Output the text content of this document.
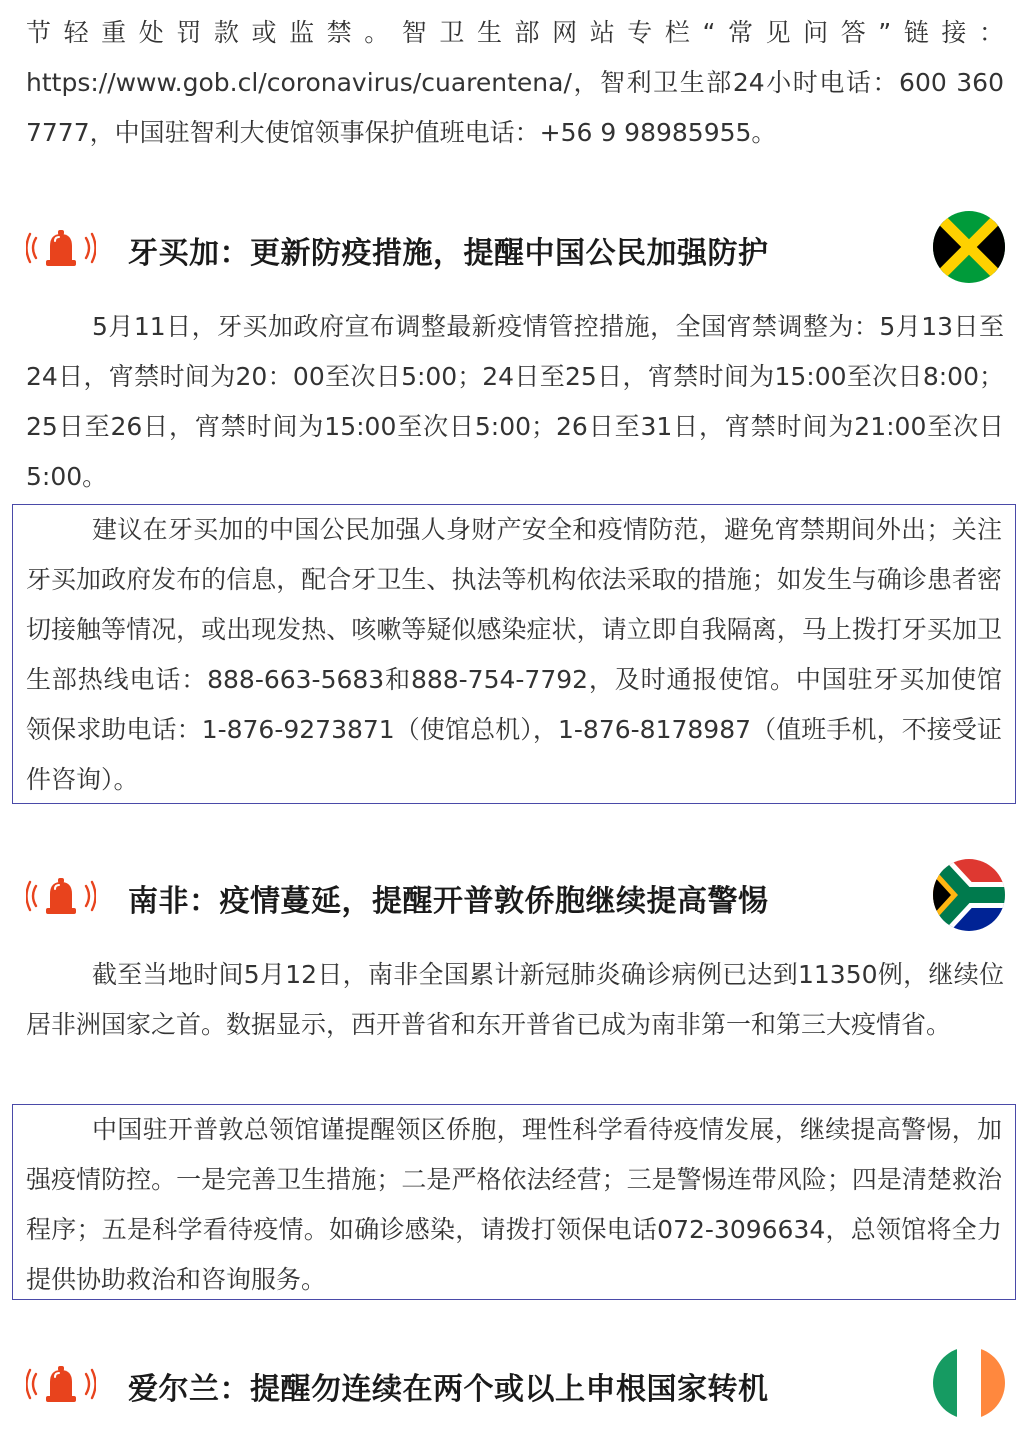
节轻重处罚款或监禁。智卫生部网站专栏“常见问答”链接：https://www.gob.cl/coronavirus/cuarentena/，智利卫生部24小时电话：600 360 7777，中国驻智利大使馆领事保护值班电话：+56 9 98985955。

牙买加：更新防疫措施，提醒中国公民加强防护

5月11日，牙买加政府宣布调整最新疫情管控措施，全国宵禁调整为：5月13日至24日，宵禁时间为20：00至次日5:00；24日至25日，宵禁时间为15:00至次日8:00；25日至26日，宵禁时间为15:00至次日5:00；26日至31日，宵禁时间为21:00至次日5:00。

建议在牙买加的中国公民加强人身财产安全和疫情防范，避免宵禁期间外出；关注牙买加政府发布的信息，配合牙卫生、执法等机构依法采取的措施；如发生与确诊患者密切接触等情况，或出现发热、咳嗽等疑似感染症状，请立即自我隔离，马上拨打牙买加卫生部热线电话：888-663-5683和888-754-7792，及时通报使馆。中国驻牙买加使馆领保求助电话：1-876-9273871（使馆总机），1-876-8178987（值班手机，不接受证件咨询）。

南非：疫情蔓延，提醒开普敦侨胞继续提高警惕

截至当地时间5月12日，南非全国累计新冠肺炎确诊病例已达到11350例，继续位居非洲国家之首。数据显示，西开普省和东开普省已成为南非第一和第三大疫情省。

中国驻开普敦总领馆谨提醒领区侨胞，理性科学看待疫情发展，继续提高警惕，加强疫情防控。一是完善卫生措施；二是严格依法经营；三是警惕连带风险；四是清楚救治程序；五是科学看待疫情。如确诊感染，请拨打领保电话072-3096634，总领馆将全力提供协助救治和咨询服务。

爱尔兰：提醒勿连续在两个或以上申根国家转机
